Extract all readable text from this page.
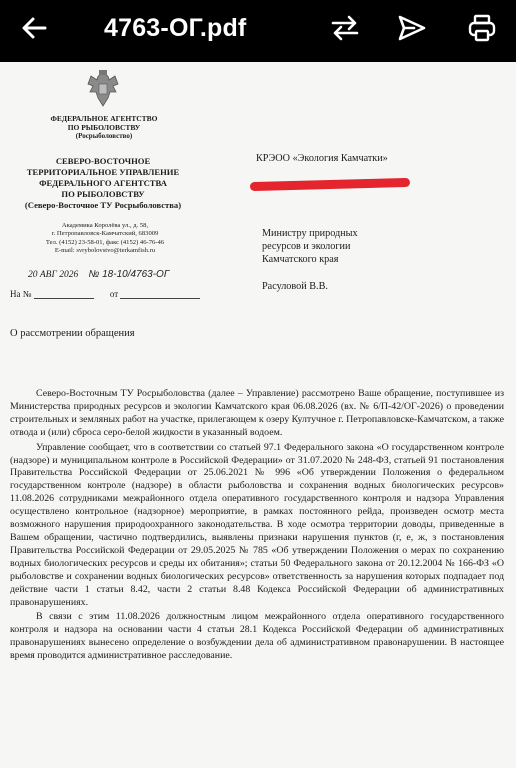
4763-ОГ.pdf
ФЕДЕРАЛЬНОЕ АГЕНТСТВО
ПО РЫБОЛОВСТВУ
(Росрыболовство)
СЕВЕРО-ВОСТОЧНОЕ
ТЕРРИТОРИАЛЬНОЕ УПРАВЛЕНИЕ
ФЕДЕРАЛЬНОГО АГЕНТСТВА
ПО РЫБОЛОВСТВУ
(Северо-Восточное ТУ Росрыболовства)
Академика Королёва ул., д. 58,
г. Петропавловск-Камчатский, 683009
Тел. (4152) 23-58-01, факс (4152) 46-76-46
E-mail: svrybolovstvo@terkamfish.ru
20 АВГ 2026 № 18-10/4763-ОГ
На №	от
КРЭОО «Экология Камчатки»
Министру природных
ресурсов и экологии
Камчатского края
Расуловой В.В.
О рассмотрении обращения

Северо-Восточным ТУ Росрыболовства (далее – Управление) рассмотрено Ваше обращение, поступившее из Министерства природных ресурсов и экологии Камчатского края 06.08.2026 (вх. № 6/П-42/ОГ-2026) о проведении строительных и земляных работ на участке, прилегающем к озеру Култучное г. Петропавловске-Камчатском, а также отвода и (или) сброса серо-белой жидкости в указанный водоем.

Управление сообщает, что в соответствии со статьей 97.1 Федерального закона «О государственном контроле (надзоре) и муниципальном контроле в Российской Федерации» от 31.07.2020 № 248-ФЗ, статьей 91 постановления Правительства Российской Федерации от 25.06.2021 № 996 «Об утверждении Положения о федеральном государственном контроле (надзоре) в области рыболовства и сохранения водных биологических ресурсов» 11.08.2026 сотрудниками межрайонного отдела оперативного государственного контроля и надзора Управления осуществлено контрольное (надзорное) мероприятие, в рамках постоянного рейда, произведен осмотр места возможного нарушения природоохранного законодательства. В ходе осмотра территории доводы, приведенные в Вашем обращении, частично подтвердились, выявлены признаки нарушения пунктов (г, е, ж, з постановления Правительства Российской Федерации от 29.05.2025 № 785 «Об утверждении Положения о мерах по сохранению водных биологических ресурсов и среды их обитания»; статьи 50 Федерального закона от 20.12.2004 № 166-ФЗ «О рыболовстве и сохранении водных биологических ресурсов» ответственность за нарушения которых подпадает под действие части 1 статьи 8.42, части 2 статьи 8.48 Кодекса Российской Федерации об административных правонарушениях.

В связи с этим 11.08.2026 должностным лицом межрайонного отдела оперативного государственного контроля и надзора на основании части 4 статьи 28.1 Кодекса Российской Федерации об административных правонарушениях вынесено определение о возбуждении дела об административном правонарушении. В настоящее время проводится административное расследование.
